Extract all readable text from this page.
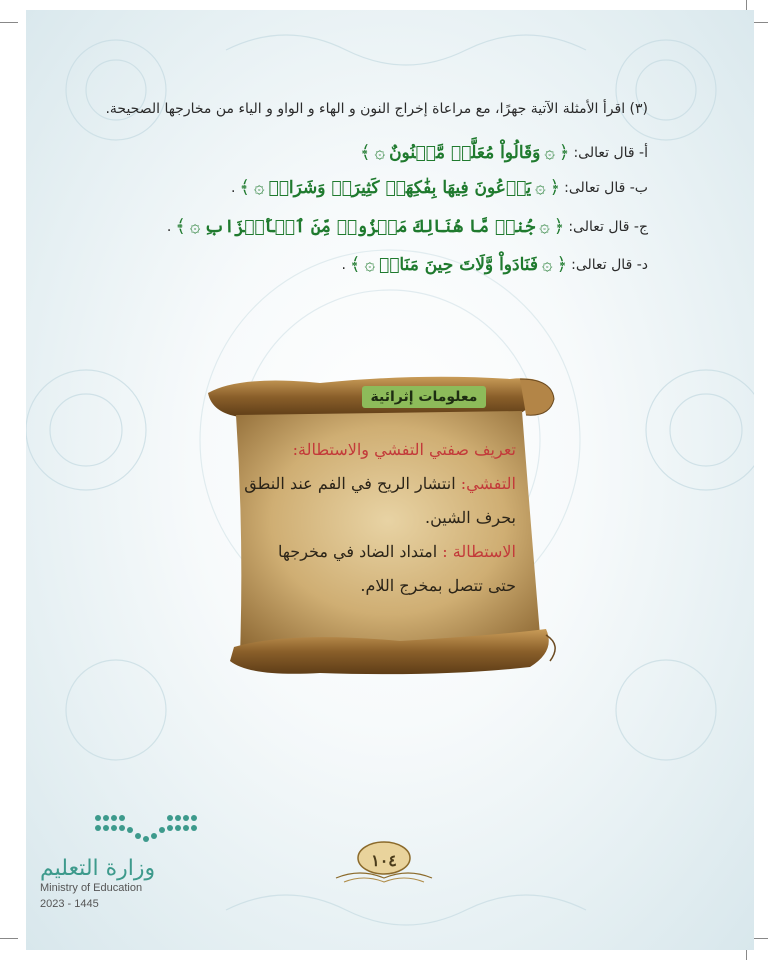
(٣) اقرأ الأمثلة الآتية جهرًا، مع مراعاة إخراج النون و الهاء و الواو و الياء من مخارجها الصحيحة.
أ- قال تعالى:
﴿
۞
وَقَالُواْ مُعَلَّمٞ مَّجۡنُونٌ
۞
﴾
ب- قال تعالى:
﴿
۞
يَدۡعُونَ فِيهَا بِفَٰكِهَةٖ كَثِيرَةٖ وَشَرَابٖ
۞
﴾
.
ج- قال تعالى:
﴿
۞
جُندٞ مَّا هُنَالِكَ مَهۡزُومٞ مِّنَ ٱلۡأَحۡزَابِ
۞
﴾
.
د- قال تعالى:
﴿
۞
فَنَادَواْ وَّلَاتَ حِينَ مَنَاصٖ
۞
﴾
.
معلومات إثرائية
تعريف صفتي التفشي والاستطالة:
التفشي: انتشار الريح في الفم عند النطق
بحرف الشين.
الاستطالة : امتداد الضاد في مخرجها
حتى تتصل بمخرج اللام.
وزارة التعليم
Ministry of Education
2023 - 1445
١٠٤
